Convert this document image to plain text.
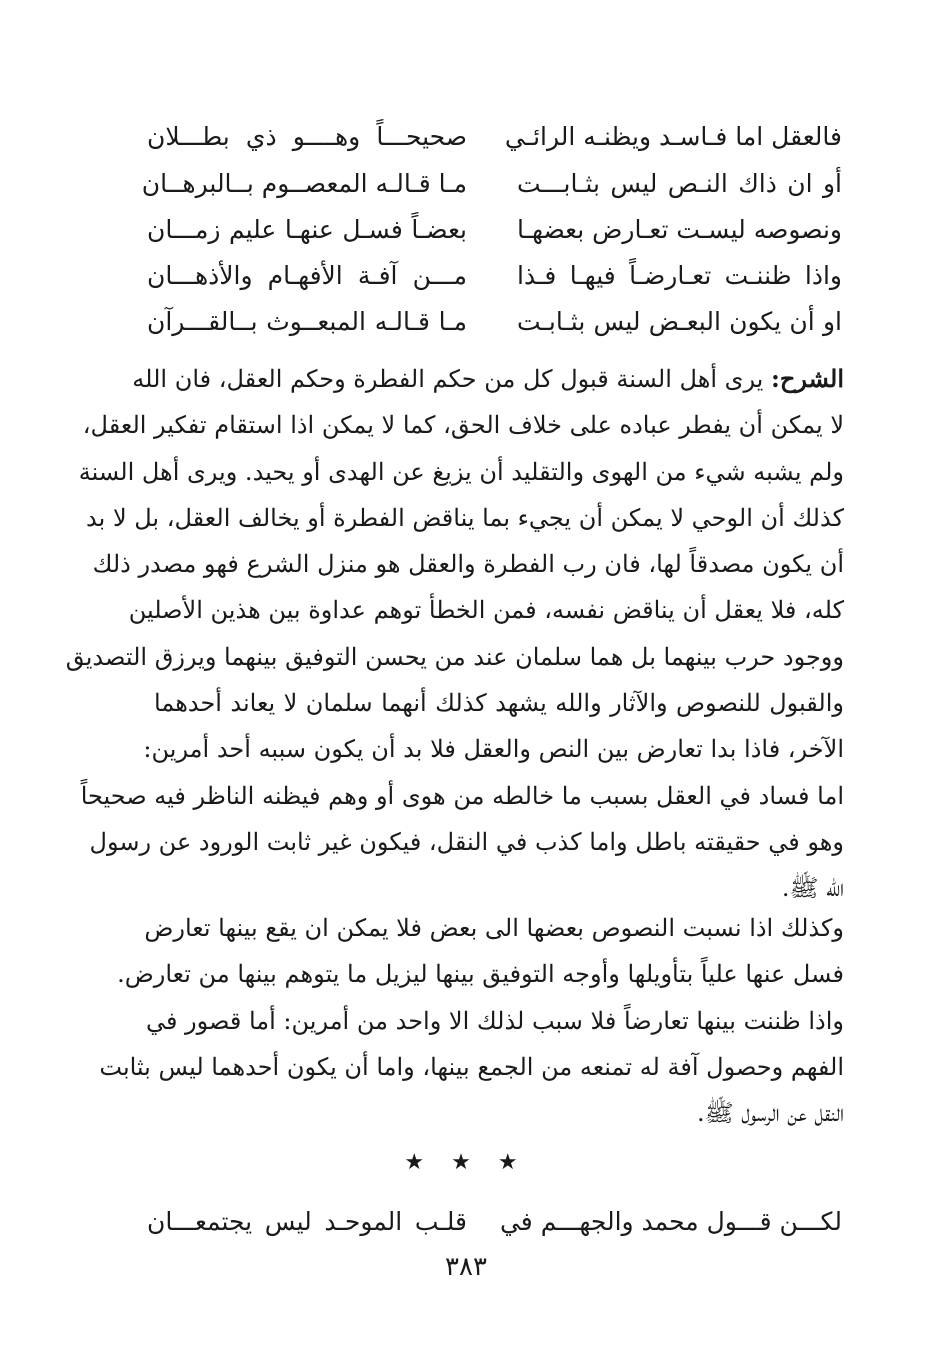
فالعقل اما فـاسـد ويظنـه الرائـي
صحيحـــاً وهــــو ذي بطـــلان
أو ان ذاك النـص ليس بثـابـــت
مـا قـالـه المعصــوم بــالبرهــان
ونصوصه ليسـت تعـارض بعضهـا
بعضـاً فسـل عنهـا عليم زمـــان
واذا ظننـت تعـارضـاً فيهـا فـذا
مـــن آفـة الأفهـام والأذهـــان
او أن يكون البعـض ليس بثـابـت
مـا قـالـه المبعــوث بــالقـــرآن
الشرح: يرى أهل السنة قبول كل من حكم الفطرة وحكم العقل، فان الله
لا يمكن أن يفطر عباده على خلاف الحق، كما لا يمكن اذا استقام تفكير العقل،
ولم يشبه شيء من الهوى والتقليد أن يزيغ عن الهدى أو يحيد. ويرى أهل السنة
كذلك أن الوحي لا يمكن أن يجيء بما يناقض الفطرة أو يخالف العقل، بل لا بد
أن يكون مصدقاً لها، فان رب الفطرة والعقل هو منزل الشرع فهو مصدر ذلك
كله، فلا يعقل أن يناقض نفسه، فمن الخطأ توهم عداوة بين هذين الأصلين
ووجود حرب بينهما بل هما سلمان عند من يحسن التوفيق بينهما ويرزق التصديق
والقبول للنصوص والآثار والله يشهد كذلك أنهما سلمان لا يعاند أحدهما
الآخر، فاذا بدا تعارض بين النص والعقل فلا بد أن يكون سببه أحد أمرين:
اما فساد في العقل بسبب ما خالطه من هوى أو وهم فيظنه الناظر فيه صحيحاً
وهو في حقيقته باطل واما كذب في النقل، فيكون غير ثابت الورود عن رسول
الله ﷺ.
وكذلك اذا نسبت النصوص بعضها الى بعض فلا يمكن ان يقع بينها تعارض
فسل عنها علياً بتأويلها وأوجه التوفيق بينها ليزيل ما يتوهم بينها من تعارض.
واذا ظننت بينها تعارضاً فلا سبب لذلك الا واحد من أمرين: أما قصور في
الفهم وحصول آفة له تمنعه من الجمع بينها، واما أن يكون أحدهما ليس بثابت
النقل عن الرسول ﷺ.
★ ★ ★
لكـــن قـــول محمد والجهـــم في
قلـب الموحـد ليس يجتمعـــان
٣٨٣
